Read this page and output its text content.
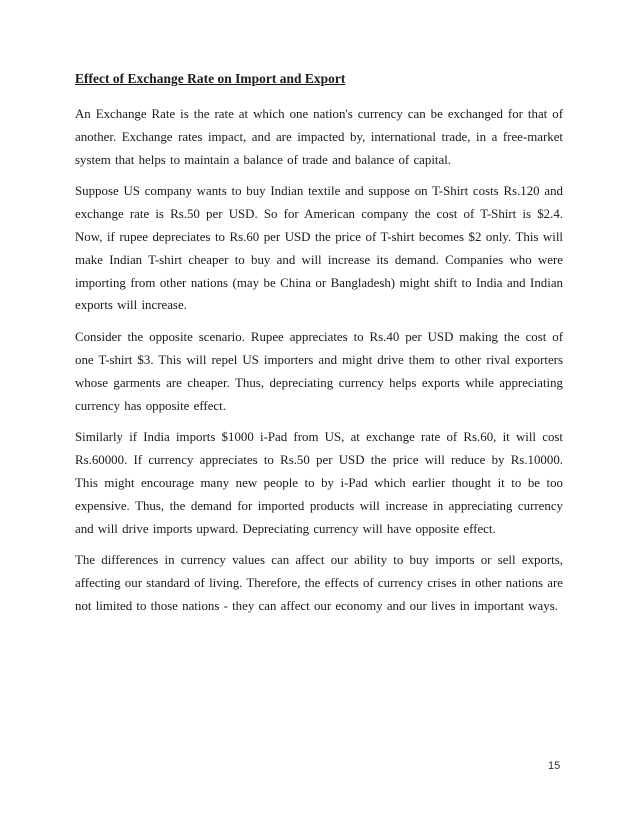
Effect of Exchange Rate on Import and Export

An Exchange Rate is the rate at which one nation's currency can be exchanged for that of another. Exchange rates impact, and are impacted by, international trade, in a free-market system that helps to maintain a balance of trade and balance of capital.

Suppose US company wants to buy Indian textile and suppose on T-Shirt costs Rs.120 and exchange rate is Rs.50 per USD. So for American company the cost of T-Shirt is $2.4. Now, if rupee depreciates to Rs.60 per USD the price of T-shirt becomes $2 only. This will make Indian T-shirt cheaper to buy and will increase its demand. Companies who were importing from other nations (may be China or Bangladesh) might shift to India and Indian exports will increase.

Consider the opposite scenario. Rupee appreciates to Rs.40 per USD making the cost of one T-shirt $3. This will repel US importers and might drive them to other rival exporters whose garments are cheaper. Thus, depreciating currency helps exports while appreciating currency has opposite effect.

Similarly if India imports $1000 i-Pad from US, at exchange rate of Rs.60, it will cost Rs.60000. If currency appreciates to Rs.50 per USD the price will reduce by Rs.10000. This might encourage many new people to by i-Pad which earlier thought it to be too expensive. Thus, the demand for imported products will increase in appreciating currency and will drive imports upward. Depreciating currency will have opposite effect.

The differences in currency values can affect our ability to buy imports or sell exports, affecting our standard of living. Therefore, the effects of currency crises in other nations are not limited to those nations - they can affect our economy and our lives in important ways.

15
